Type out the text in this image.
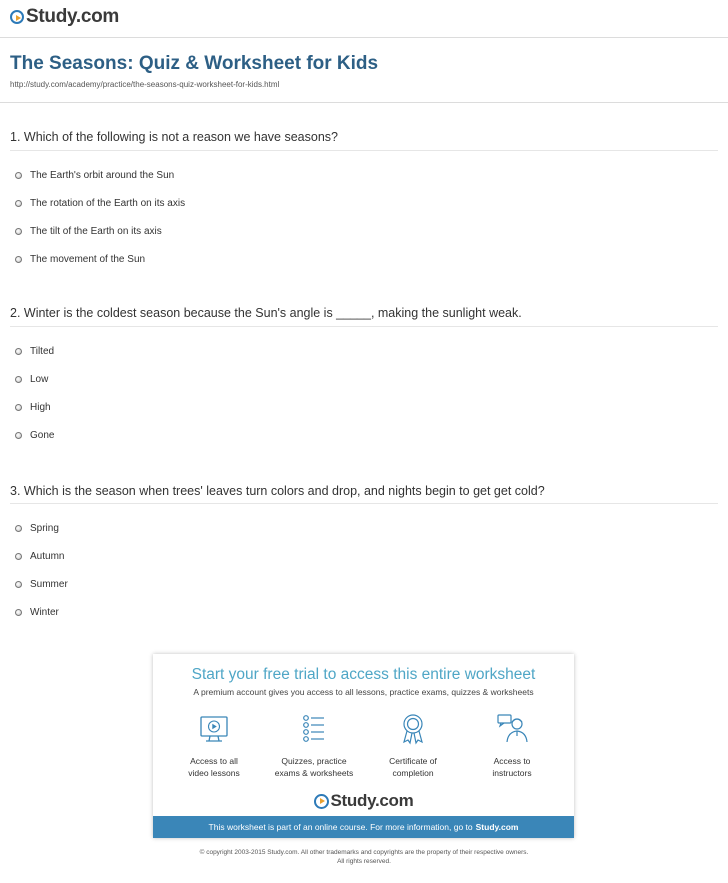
Study.com
The Seasons: Quiz & Worksheet for Kids
http://study.com/academy/practice/the-seasons-quiz-worksheet-for-kids.html
1. Which of the following is not a reason we have seasons?
The Earth's orbit around the Sun
The rotation of the Earth on its axis
The tilt of the Earth on its axis
The movement of the Sun
2. Winter is the coldest season because the Sun's angle is _____, making the sunlight weak.
Tilted
Low
High
Gone
3. Which is the season when trees' leaves turn colors and drop, and nights begin to get get cold?
Spring
Autumn
Summer
Winter
Start your free trial to access this entire worksheet
A premium account gives you access to all lessons, practice exams, quizzes & worksheets
Access to all
video lessons
Quizzes, practice
exams & worksheets
Certificate of
completion
Access to
instructors
Study.com
This worksheet is part of an online course. For more information, go to Study.com
© copyright 2003-2015 Study.com. All other trademarks and copyrights are the property of their respective owners.
All rights reserved.
